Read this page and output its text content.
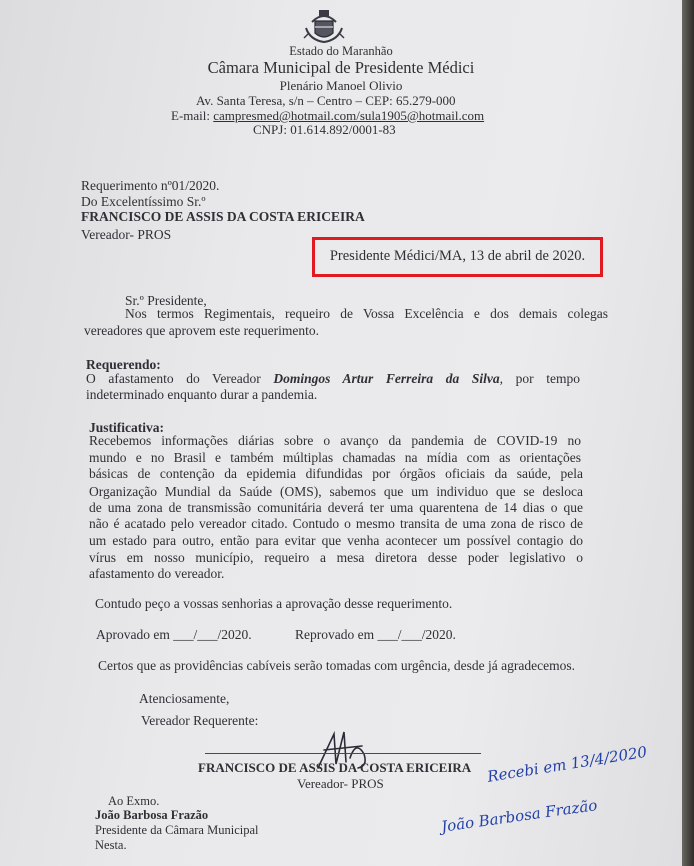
Estado do Maranhão
Câmara Municipal de Presidente Médici
Plenário Manoel Olivio
Av. Santa Teresa, s/n – Centro – CEP: 65.279-000
E-mail: campresmed@hotmail.com/sula1905@hotmail.com
CNPJ: 01.614.892/0001-83
Requerimento nº01/2020.
Do Excelentíssimo Sr.º
FRANCISCO DE ASSIS DA COSTA ERICEIRA
Vereador- PROS
Presidente Médici/MA, 13 de abril de 2020.
Sr.º Presidente,
Nos termos Regimentais, requeiro de Vossa Excelência e dos demais colegas
vereadores que aprovem este requerimento.
Requerendo:
O afastamento do Vereador Domingos Artur Ferreira da Silva, por tempo
indeterminado enquanto durar a pandemia.
Justificativa:
Recebemos informações diárias sobre o avanço da pandemia de COVID-19 no
mundo e no Brasil e também múltiplas chamadas na mídia com as orientações
básicas de contenção da epidemia difundidas por órgãos oficiais da saúde, pela
Organização Mundial da Saúde (OMS), sabemos que um individuo que se desloca
de uma zona de transmissão comunitária deverá ter uma quarentena de 14 dias o que
não é acatado pelo vereador citado. Contudo o mesmo transita de uma zona de risco de
um estado para outro, então para evitar que venha acontecer um possível contagio do
vírus em nosso município, requeiro a mesa diretora desse poder legislativo o
afastamento do vereador.
Contudo peço a vossas senhorias a aprovação desse requerimento.
Aprovado em ___/___/2020.	Reprovado em ___/___/2020.
Certos que as providências cabíveis serão tomadas com urgência, desde já agradecemos.
Atenciosamente,
Vereador Requerente:
FRANCISCO DE ASSIS DA COSTA ERICEIRA
Vereador- PROS
Ao Exmo.
João Barbosa Frazão
Presidente da Câmara Municipal
Nesta.
Recebi em 13/4/2020
João Barbosa Frazão
